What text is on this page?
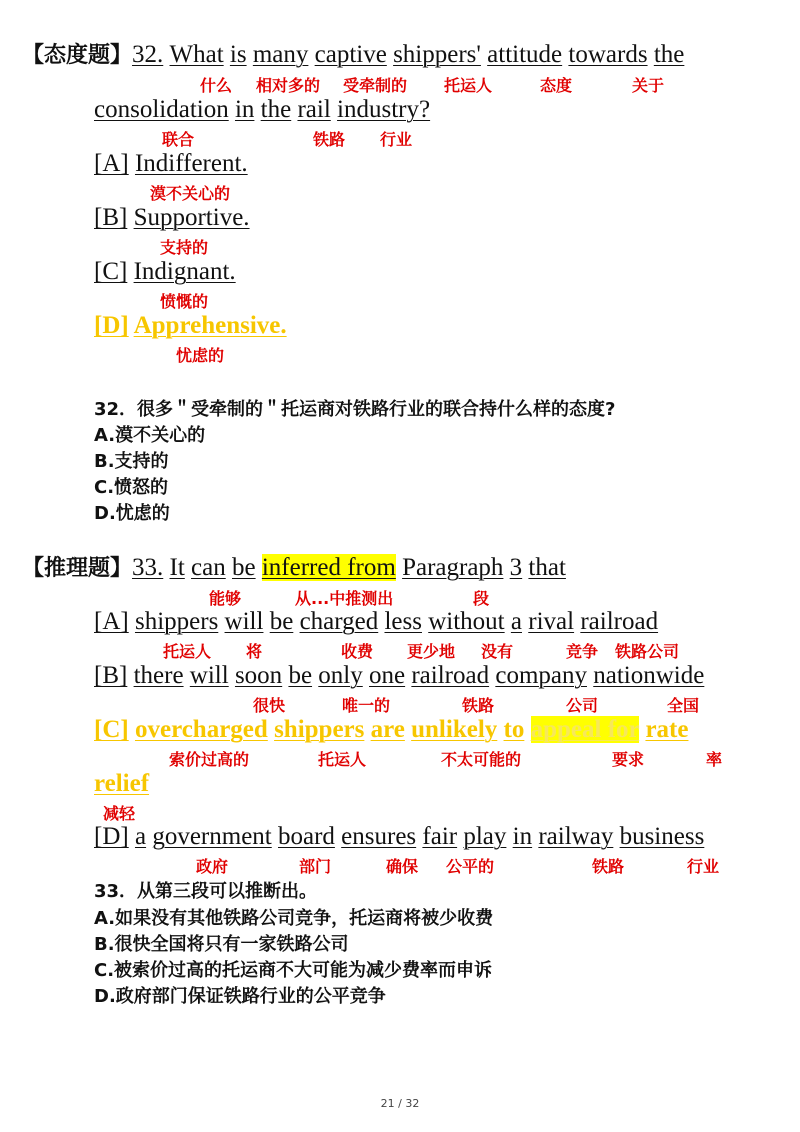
【态度题】32. What is many captive shippers' attitude towards the
什么 相对多的 受牵制的 托运人	态度	关于
consolidation in the rail industry?
联合	铁路 行业
[A] Indifferent.
漠不关心的
[B] Supportive.
支持的
[C] Indignant.
愤慨的
[D] Apprehensive.
忧虑的
32．很多＂受牵制的＂托运商对铁路行业的联合持什么样的态度?
A.漠不关心的
B.支持的
C.愤怒的
D.忧虑的
【推理题】33. It can be inferred from Paragraph 3 that
能够	从...中推测出	段
[A] shippers will be charged less without a rival railroad
托运人 将	收费 更少地 没有	竞争 铁路公司
[B] there will soon be only one railroad company nationwide
很快	唯一的	铁路	公司	全国
[C] overcharged shippers are unlikely to appeal for rate
索价过高的	托运人	不太可能的	要求	率
relief
减轻
[D] a government board ensures fair play in railway business
政府	部门	确保 公平的	铁路	行业
33．从第三段可以推断出。
A.如果没有其他铁路公司竞争，托运商将被少收费
B.很快全国将只有一家铁路公司
C.被索价过高的托运商不大可能为减少费率而申诉
D.政府部门保证铁路行业的公平竞争
21 / 32
